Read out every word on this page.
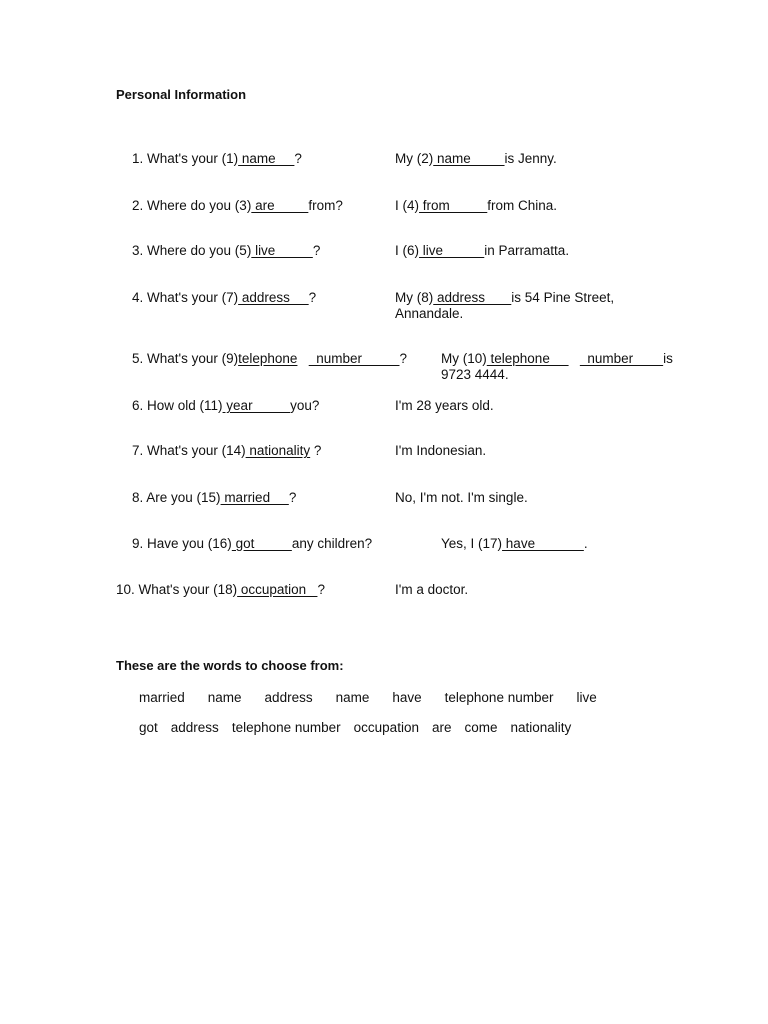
Personal Information
1. What's your (1) name     ?	My (2) name         is Jenny.
2. Where do you (3) are         from?	I (4) from          from China.
3. Where do you (5) live          ?	I (6) live           in Parramatta.
4. What's your (7) address     ?	My (8) address       is 54 Pine Street,
Annandale.
5. What's your (9)telephone     number          ?	My (10) telephone          number        is
9723 4444.
6. How old (11) year          you?	I'm 28 years old.
7. What's your (14) nationality ?	I'm Indonesian.
8. Are you (15) married     ?	No, I'm not. I'm single.
9. Have you (16) got          any children?	Yes, I (17) have             .
10. What's your (18) occupation   ?	I'm a doctor.
These are the words to choose from:
married name address name have telephone number live
got address telephone number occupation are come nationality
